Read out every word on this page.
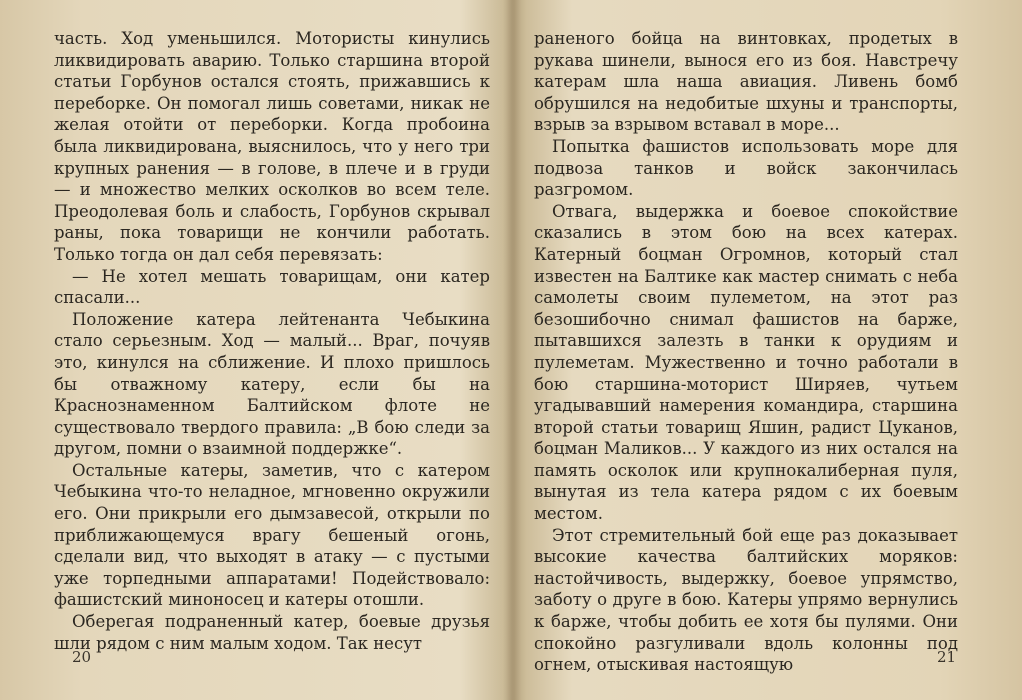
часть. Ход уменьшился. Мотористы кинулись ликвидировать аварию. Только старшина второй статьи Горбунов остался стоять, прижавшись к переборке. Он помогал лишь советами, никак не желая отойти от переборки. Когда пробоина была ликвидирована, выяснилось, что у него три крупных ранения — в голове, в плече и в груди — и множество мелких осколков во всем теле. Преодолевая боль и слабость, Горбунов скрывал раны, пока товарищи не кончили работать. Только тогда он дал себя перевязать:

— Не хотел мешать товарищам, они катер спасали...

Положение катера лейтенанта Чебыкина стало серьезным. Ход — малый... Враг, почуяв это, кинулся на сближение. И плохо пришлось бы отважному катеру, если бы на Краснознаменном Балтийском флоте не существовало твердого правила: „В бою следи за другом, помни о взаимной поддержке“.

Остальные катеры, заметив, что с катером Чебыкина что-то неладное, мгновенно окружили его. Они прикрыли его дымзавесой, открыли по приближающемуся врагу бешеный огонь, сделали вид, что выходят в атаку — с пустыми уже торпедными аппаратами! Подействовало: фашистский миноносец и катеры отошли.

Оберегая подраненный катер, боевые друзья шли рядом с ним малым ходом. Так несут

20

раненого бойца на винтовках, продетых в рукава шинели, вынося его из боя. Навстречу катерам шла наша авиация. Ливень бомб обрушился на недобитые шхуны и транспорты, взрыв за взрывом вставал в море...

Попытка фашистов использовать море для подвоза танков и войск закончилась разгромом.

Отвага, выдержка и боевое спокойствие сказались в этом бою на всех катерах. Катерный боцман Огромнов, который стал известен на Балтике как мастер снимать с неба самолеты своим пулеметом, на этот раз безошибочно снимал фашистов на барже, пытавшихся залезть в танки к орудиям и пулеметам. Мужественно и точно работали в бою старшина-моторист Ширяев, чутьем угадывавший намерения командира, старшина второй статьи товарищ Яшин, радист Цуканов, боцман Маликов... У каждого из них остался на память осколок или крупнокалиберная пуля, вынутая из тела катера рядом с их боевым местом.

Этот стремительный бой еще раз доказывает высокие качества балтийских моряков: настойчивость, выдержку, боевое упрямство, заботу о друге в бою. Катеры упрямо вернулись к барже, чтобы добить ее хотя бы пулями. Они спокойно разгуливали вдоль колонны под огнем, отыскивая настоящую	21
